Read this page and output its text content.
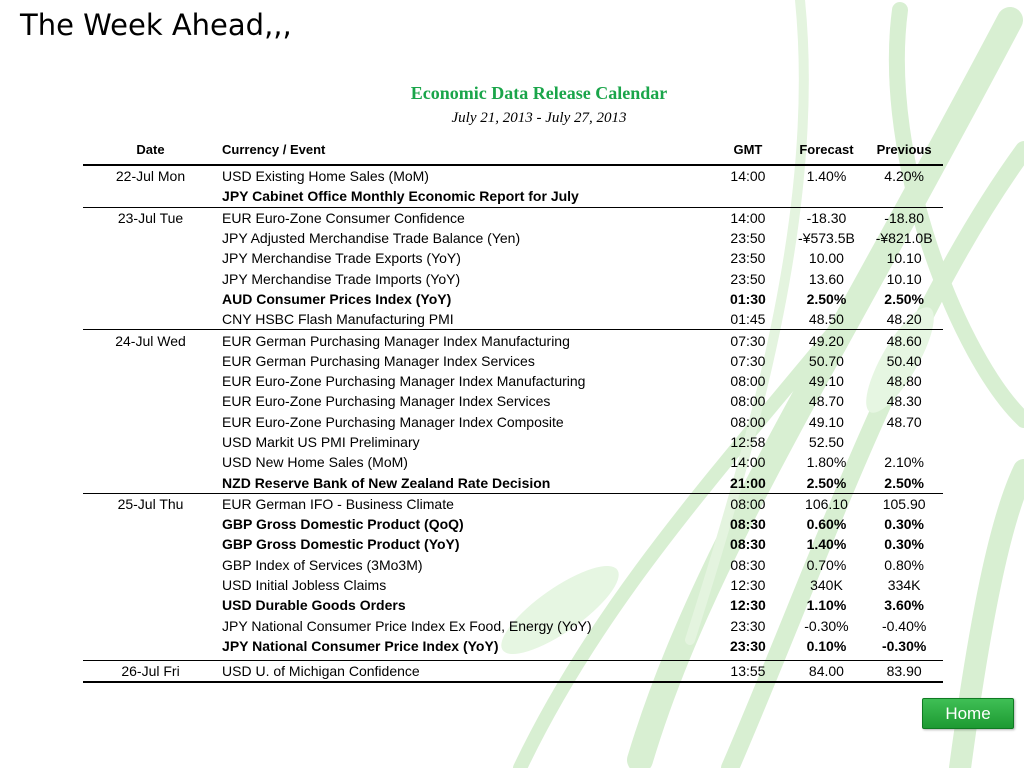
The Week Ahead,,,
Economic Data Release Calendar
July 21, 2013 - July 27, 2013
Date	Currency / Event	GMT	Forecast	Previous
22-Jul Mon	USD Existing Home Sales (MoM)	14:00	1.40%	4.20%
	JPY Cabinet Office Monthly Economic Report for July			
23-Jul Tue	EUR Euro-Zone Consumer Confidence	14:00	-18.30	-18.80
	JPY Adjusted Merchandise Trade Balance (Yen)	23:50	-¥573.5B	-¥821.0B
	JPY Merchandise Trade Exports (YoY)	23:50	10.00	10.10
	JPY Merchandise Trade Imports (YoY)	23:50	13.60	10.10
	AUD Consumer Prices Index (YoY)	01:30	2.50%	2.50%
	CNY HSBC Flash Manufacturing PMI	01:45	48.50	48.20
24-Jul Wed	EUR German Purchasing Manager Index Manufacturing	07:30	49.20	48.60
	EUR German Purchasing Manager Index Services	07:30	50.70	50.40
	EUR Euro-Zone Purchasing Manager Index Manufacturing	08:00	49.10	48.80
	EUR Euro-Zone Purchasing Manager Index Services	08:00	48.70	48.30
	EUR Euro-Zone Purchasing Manager Index Composite	08:00	49.10	48.70
	USD Markit US PMI Preliminary	12:58	52.50	
	USD New Home Sales (MoM)	14:00	1.80%	2.10%
	NZD Reserve Bank of New Zealand Rate Decision	21:00	2.50%	2.50%
25-Jul Thu	EUR German IFO - Business Climate	08:00	106.10	105.90
	GBP Gross Domestic Product (QoQ)	08:30	0.60%	0.30%
	GBP Gross Domestic Product (YoY)	08:30	1.40%	0.30%
	GBP Index of Services (3Mo3M)	08:30	0.70%	0.80%
	USD Initial Jobless Claims	12:30	340K	334K
	USD Durable Goods Orders	12:30	1.10%	3.60%
	JPY National Consumer Price Index Ex Food, Energy (YoY)	23:30	-0.30%	-0.40%
	JPY National Consumer Price Index (YoY)	23:30	0.10%	-0.30%

26-Jul Fri	USD U. of Michigan Confidence	13:55	84.00	83.90
Home
